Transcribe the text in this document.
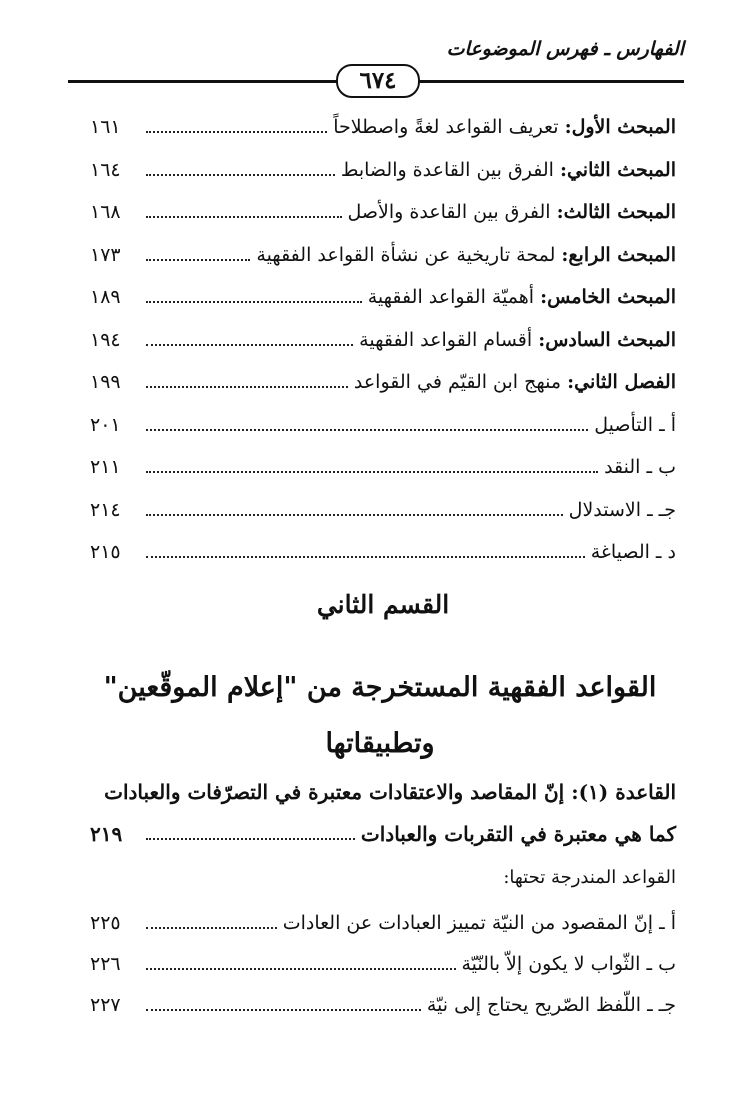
الفهارس ـ فهرس الموضوعات
٦٧٤
المبحث الأول: تعريف القواعد لغةً واصطلاحاً
١٦١
المبحث الثاني: الفرق بين القاعدة والضابط
١٦٤
المبحث الثالث: الفرق بين القاعدة والأصل
١٦٨
المبحث الرابع: لمحة تاريخية عن نشأة القواعد الفقهية
١٧٣
المبحث الخامس: أهميّة القواعد الفقهية
١٨٩
المبحث السادس: أقسام القواعد الفقهية
١٩٤
الفصل الثاني: منهج ابن القيّم في القواعد
١٩٩
أ ـ التأصيل
٢٠١
ب ـ النقد
٢١١
جـ ـ الاستدلال
٢١٤
د ـ الصياغة
٢١٥
القسم الثاني
القواعد الفقهية المستخرجة من "إعلام الموقّعين"
وتطبيقاتها
القاعدة (١): إنّ المقاصد والاعتقادات معتبرة في التصرّفات والعبادات
كما هي معتبرة في التقربات والعبادات
٢١٩
القواعد المندرجة تحتها:
أ ـ إنّ المقصود من النيّة تمييز العبادات عن العادات
٢٢٥
ب ـ الثّواب لا يكون إلاّ بالنّيّة
٢٢٦
جـ ـ اللّفظ الصّريح يحتاج إلى نيّة
٢٢٧
